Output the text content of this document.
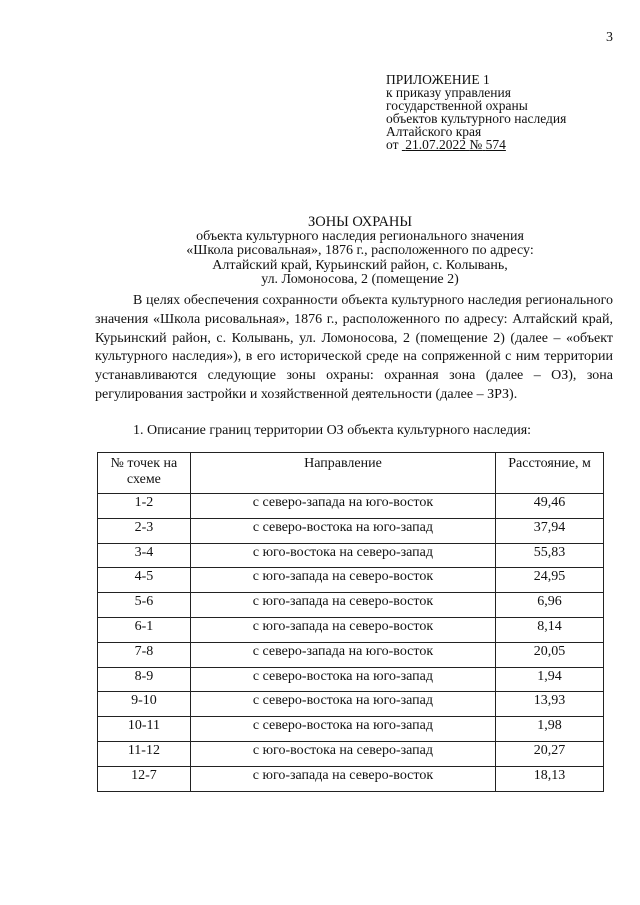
3
ПРИЛОЖЕНИЕ 1
к приказу управления
государственной охраны
объектов культурного наследия
Алтайского края
от 21.07.2022 № 574
ЗОНЫ ОХРАНЫ
объекта культурного наследия регионального значения
«Школа рисовальная», 1876 г., расположенного по адресу:
Алтайский край, Курьинский район, с. Колывань,
ул. Ломоносова, 2 (помещение 2)
В целях обеспечения сохранности объекта культурного наследия регионального значения «Школа рисовальная», 1876 г., расположенного по адресу: Алтайский край, Курьинский район, с. Колывань, ул. Ломоносова, 2 (помещение 2) (далее – «объект культурного наследия»), в его исторической среде на сопряженной с ним территории устанавливаются следующие зоны охраны: охранная зона (далее – ОЗ), зона регулирования застройки и хозяйственной деятельности (далее – ЗРЗ).
1. Описание границ территории ОЗ объекта культурного наследия:
№ точек на схеме	Направление	Расстояние, м
1-2	с северо-запада на юго-восток	49,46
2-3	с северо-востока на юго-запад	37,94
3-4	с юго-востока на северо-запад	55,83
4-5	с юго-запада на северо-восток	24,95
5-6	с юго-запада на северо-восток	6,96
6-1	с юго-запада на северо-восток	8,14
7-8	с северо-запада на юго-восток	20,05
8-9	с северо-востока на юго-запад	1,94
9-10	с северо-востока на юго-запад	13,93
10-11	с северо-востока на юго-запад	1,98
11-12	с юго-востока на северо-запад	20,27
12-7	с юго-запада на северо-восток	18,13
